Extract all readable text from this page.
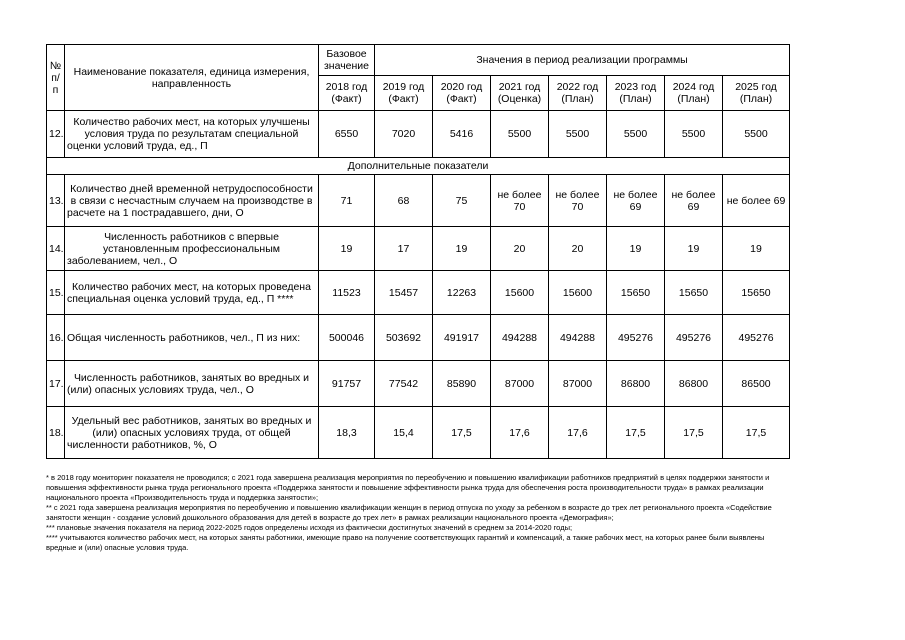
№ п/п	Наименование показателя, единица измерения, направленность	Базовое значение	Значения в период реализации программы						
		2018 год (Факт)	2019 год (Факт)	2020 год (Факт)	2021 год (Оценка)	2022 год (План)	2023 год (План)	2024 год (План)	2025 год (План)
12.	Количество рабочих мест, на которых улучшены условия труда по результатам специальной оценки условий труда, ед., П	6550	7020	5416	5500	5500	5500	5500	5500
Дополнительные показатели									
13.	Количество дней временной нетрудоспособности в связи с несчастным случаем на производстве в расчете на 1 пострадавшего, дни, О	71	68	75	не более 70	не более 70	не более 69	не более 69	не более 69
14.	Численность работников с впервые установленным профессиональным заболеванием, чел., О	19	17	19	20	20	19	19	19
15.	Количество рабочих мест, на которых проведена специальная оценка условий труда, ед., П ****	11523	15457	12263	15600	15600	15650	15650	15650
16.	Общая численность работников, чел., П из них:	500046	503692	491917	494288	494288	495276	495276	495276
17.	Численность работников, занятых во вредных и (или) опасных условиях труда, чел., О	91757	77542	85890	87000	87000	86800	86800	86500
18.	Удельный вес работников, занятых во вредных и (или) опасных условиях труда, от общей численности работников, %, О	18,3	15,4	17,5	17,6	17,6	17,5	17,5	17,5

* в 2018 году мониторинг показателя не проводился; с 2021 года завершена реализация мероприятия по переобучению и повышению квалификации работников предприятий в целях поддержки занятости и повышения эффективности рынка труда регионального проекта «Поддержка занятости и повышение эффективности рынка труда для обеспечения роста производительности труда» в рамках реализации национального проекта «Производительность труда и поддержка занятости»;

** с 2021 года завершена реализация мероприятия по переобучению и повышению квалификации женщин в период отпуска по уходу за ребенком в возрасте до трех лет регионального проекта «Содействие занятости женщин - создание условий дошкольного образования для детей в возрасте до трех лет» в рамках реализации национального проекта «Демография»;

*** плановые значения показателя на период 2022-2025 годов определены исходя из фактически достигнутых значений в среднем за 2014-2020 годы;

**** учитываются количество рабочих мест, на которых заняты работники, имеющие право на получение соответствующих гарантий и компенсаций, а также рабочих мест, на которых ранее были выявлены вредные и (или) опасные условия труда.
